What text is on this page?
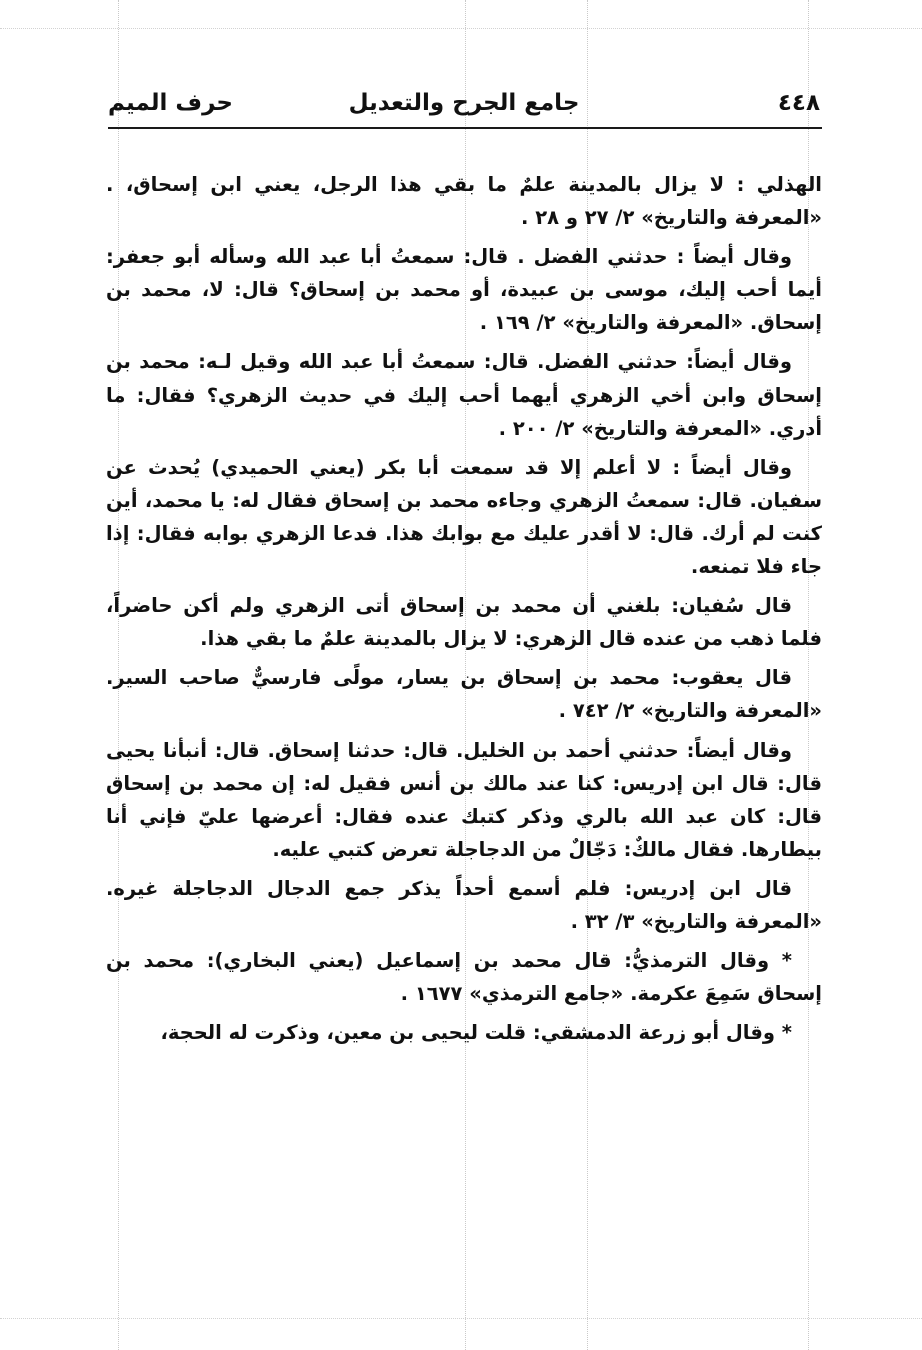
٤٤٨
جامع الجرح والتعديل
حرف الميم

الهذلي : لا يزال بالمدينة علمٌ ما بقي هذا الرجل، يعني ابن إسحاق، . «المعرفة والتاريخ» ٢/ ٢٧ و ٢٨ .

وقال أيضاً : حدثني الفضل . قال: سمعتُ أبا عبد الله وسأله أبو جعفر: أيما أحب إليك، موسى بن عبيدة، أو محمد بن إسحاق؟ قال: لا، محمد بن إسحاق. «المعرفة والتاريخ» ٢/ ١٦٩ .

وقال أيضاً: حدثني الفضل. قال: سمعتُ أبا عبد الله وقيل لـه: محمد بن إسحاق وابن أخي الزهري أيهما أحب إليك في حديث الزهري؟ فقال: ما أدري. «المعرفة والتاريخ» ٢/ ٢٠٠ .

وقال أيضاً : لا أعلم إلا قد سمعت أبا بكر (يعني الحميدي) يُحدث عن سفيان. قال: سمعتُ الزهري وجاءه محمد بن إسحاق فقال له: يا محمد، أين كنت لم أرك. قال: لا أقدر عليك مع بوابك هذا. فدعا الزهري بوابه فقال: إذا جاء فلا تمنعه.

قال سُفيان: بلغني أن محمد بن إسحاق أتى الزهري ولم أكن حاضراً، فلما ذهب من عنده قال الزهري: لا يزال بالمدينة علمٌ ما بقي هذا.

قال يعقوب: محمد بن إسحاق بن يسار، مولًى فارسيٌّ صاحب السير. «المعرفة والتاريخ» ٢/ ٧٤٢ .

وقال أيضاً: حدثني أحمد بن الخليل. قال: حدثنا إسحاق. قال: أنبأنا يحيى قال: قال ابن إدريس: كنا عند مالك بن أنس فقيل له: إن محمد بن إسحاق قال: كان عبد الله بالري وذكر كتبك عنده فقال: أعرضها عليّ فإني أنا بيطارها. فقال مالكٌ: دَجّالٌ من الدجاجلة تعرض كتبي عليه.

قال ابن إدريس: فلم أسمع أحداً يذكر جمع الدجال الدجاجلة غيره. «المعرفة والتاريخ» ٣/ ٣٢ .

* وقال الترمذيُّ: قال محمد بن إسماعيل (يعني البخاري): محمد بن إسحاق سَمِعَ عكرمة. «جامع الترمذي» ١٦٧٧ .

* وقال أبو زرعة الدمشقي: قلت ليحيى بن معين، وذكرت له الحجة،
